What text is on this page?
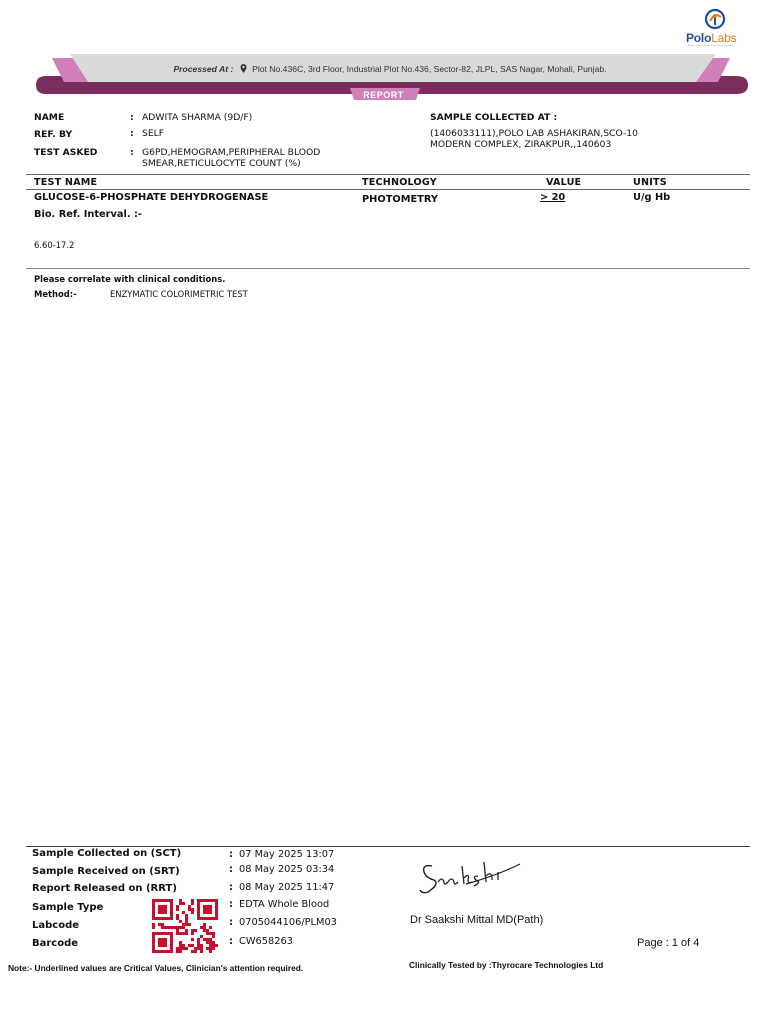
PoloLabs
Rapid Treatment Begins with Right Diagnosis
Processed At : Plot No.436C, 3rd Floor, Industrial Plot No.436, Sector-82, JLPL, SAS Nagar, Mohali, Punjab.
REPORT
NAME	: ADWITA SHARMA (9D/F)
REF. BY	: SELF
TEST ASKED	: G6PD,HEMOGRAM,PERIPHERAL BLOOD
SMEAR,RETICULOCYTE COUNT (%)
SAMPLE COLLECTED AT :
(1406033111),POLO LAB ASHAKIRAN,SCO-10
MODERN COMPLEX, ZIRAKPUR,,140603
TEST NAME	TECHNOLOGY	VALUE	UNITS
GLUCOSE-6-PHOSPHATE DEHYDROGENASE	PHOTOMETRY	> 20	U/g Hb
Bio. Ref. Interval. :-
6.60-17.2
Please correlate with clinical conditions.
Method:-	ENZYMATIC COLORIMETRIC TEST
Sample Collected on (SCT)	: 07 May 2025 13:07
Sample Received on (SRT)	: 08 May 2025 03:34
Report Released on (RRT)	: 08 May 2025 11:47
Sample Type	: EDTA Whole Blood
Labcode	: 0705044106/PLM03
Barcode	: CW658263
Dr Saakshi Mittal MD(Path)
Page : 1 of 4
Note:- Underlined values are Critical Values, Clinician's attention required.	Clinically Tested by :Thyrocare Technologies Ltd
